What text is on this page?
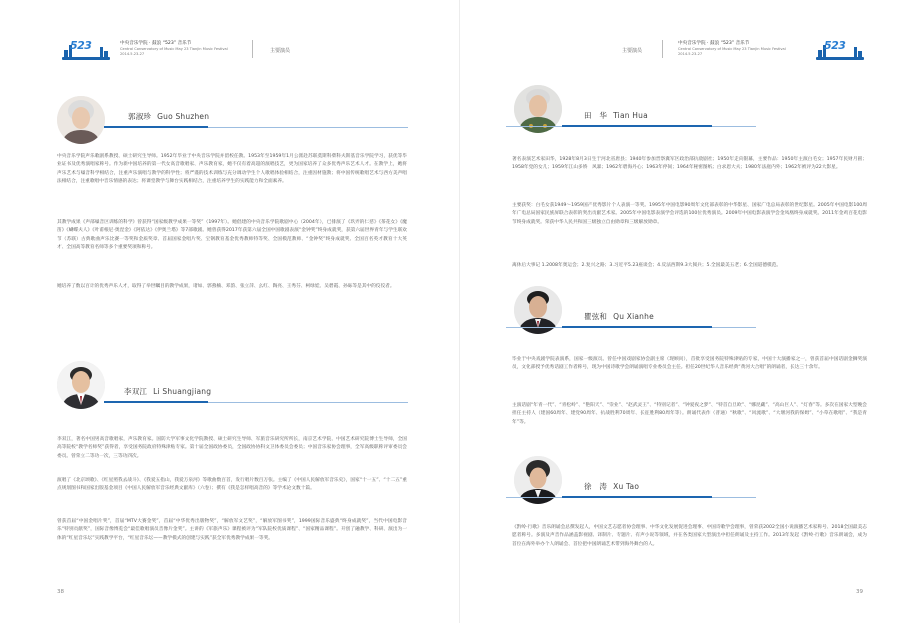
523	中央音乐学院 · 鼓浪 “523” 音乐节
Central Conservatory of Music May 23 Tianjin Music Festival
2014.5.23-27	主要演员
郭淑珍 Guo Shuzhen
中央音乐学院声乐歌剧系教授、硕士研究生导师。1952年毕业于中央音乐学院并留校任教。1953年至1959年1月公派赴苏联莫斯科柴科夫斯基音乐学院学习，获优等毕业证书及优秀演唱家称号。作为新中国培养的第一代女高音歌唱家、声乐教育家，她不仅有着高超的演唱技艺，更为国家培养了众多优秀声乐艺术人才。在教学上，她将声乐艺术与嗓音科学相结合，注重声乐演唱与教学的科学性；将严谨的技术训练与充分调动学生个人歌唱体验相结合，注重因材施教；将中国传统歌唱艺术与西方美声唱法相结合，注重歌唱中音乐情感的表达；将课堂教学与舞台实践相结合，注重培养学生的实践能力和全面素养。
其教学成果《声部嗓音区训练的科学》曾获得“国家级教学成果一等奖”（1997年）。她倡建的中央音乐学院歌剧中心（2004年），已排演了《玖弄的仁慈》《茶花女》《魔笛》《蝴蝶夫人》《叶甫根尼·奥涅金》《阿依达》《伊奥兰塔》等7部歌剧。她曾获得2017年获第六届全国中国歌剧表演“金钟奖”终身成就奖，获第六届世界青年与学生联欢节（苏联）古典歌曲声乐比赛一等奖和金质奖章、首届国家金唱片奖、宝钢教育基金优秀教师特等奖、全国模范教师、“金钟奖”终身成就奖、全国百名英才教育十大英才、全国高等教育名师等多个重要奖项和称号。
她培养了数以百计的优秀声乐人才，取得了举世瞩目的教学成果，诸如、郭燕楠、邓韵、张立萍、幺红、陶亮、王秀芬、柯绿娃、吴碧霞、孙砾等是其中的佼佼者。
李双江 Li Shuangjiang
李双江，著名中国男高音歌唱家，声乐教育家。国防大学军事文化学院教授、硕士研究生导师、军旅音乐研究所所长，南京艺术学院、中国艺术研究院博士生导师，全国高等院校“教学名师奖”获得者，享受国务院政府特殊津贴专家。第十届全国政协委员，全国政协协科文卫体委员会委员；中国音乐家协会理事，全军高级职称评审委员会委员。曾荣立二等功一次，三等功四次。
演唱了《北京颂歌》、《红星照我去战斗》、《我爱五指山，我爱万泉河》等歌曲数百首，发行唱片数百万张。主编了《中国人民解放军音乐史》，国家“十一五”、“十二五”重点规划图书和国家出版基金项目《中国人民解放军音乐经典文献库》（六卷）；撰有《我是怎样唱高音的》等学术论文数十篇。
曾获首届“中国金唱片奖”，首届“MTV大赛金奖”，首届“中华优秀出版物奖”，“解放军文艺奖”，“解放军图书奖”，1999国际音乐盛典“终身成就奖”，当代中国电影音乐“特别贡献奖”，国际音像博览会“最佳歌唱演员音像片金奖”。主讲的《军旅声乐》课程被评为“军队院校优质课程”、“国家精品课程”。开创了融教学、科研、演出为一体的“红星音乐坛”实践教学平台，“红星音乐坛——教学模式的创建与实践”获全军优秀教学成果一等奖。
38
主要演员
中央音乐学院 · 鼓浪 “523” 音乐节
Central Conservatory of Music May 23 Tianjin Music Festival
2014.5.23-27
523
田　华 Tian Hua
著名表演艺术家田华，1928年8月3日生于河北省唐县；1940年参加晋察冀军区政治部抗敌剧社；1950年走向银幕，主要作品：1950年主演白毛女；1957年民财月圆；1958年党的女儿；1959年江山多娇　风暴；1962年碧海丹心；1963年停间；1964年秘密图纸；白求恩大夫；1980年法庭内外；1962年被评为22大影星。
主要获奖：白毛女获1949～1959国产优秀影片个人表演一等奖。1995年中国电影90周年文化部表彰的中华影星、国家广电总局表彰的世纪影星。2005年中国电影100周年广电总局国家民族屏联合表彰的突出贡献艺术家。2005年中国电影表演学会评选的100位优秀演员。2009年中国电影表演学会金凤凰终身成就奖。2011年金鸡百花电影节终身成就奖。荣获中华人民共和国三级独立自由勋章和三级解放勋章。
离休后大事记 1.2008年奥运会；2.复兴之路；3.习近平5.23座谈会；4.反法西斯9.3大阅兵；5.全国最美五老；6.全国道德模范。
瞿弦和 Qu Xianhe
毕业于中央戏剧学院表演系，国家一级演员。曾任中国戏剧家协会副主席（现顾问），首批享受国务院特殊津贴的专家，中国十大演播家之一，曾获首届中国话剧金狮奖演员，文化部授予优秀话剧工作者称号，现为中国诗歌学会朗诵演唱专业委员会主任。担任20世纪华人音乐经典“黄河大合唱”的朗诵者，长达三十余年。
主演话剧“年青一代”、“青松岭”、“艳阳天”、“崇业”、“赵武灵王”、“特别记者”、“钟爱夜之梦”、“特首自旦欧”、“娜昆藏”、“高山巨人”、“灯春”等。多次在国家大型晚会担任主持人（建国60周年、建党90周年、抗战胜利70周年、长征胜利80周年等）。朗诵代表作（普通）“秋歌”、“风流歌”、“大堰河我的保姆”、“小草在歌唱”、“我是青年”等。
徐　涛 Xu Tao
《黔岭·行歌》音乐朗诵会总撰发起人，中国文艺志愿者协会理事、中华文化发展促进会理事、中国诗歌学会理事，曾荣获2002全国小说演播艺术家称号、2018全国最美志愿者称号。多演及声音作品涵盖影视剧、译制片、专题片、有声小说等领域，并在各类国家大型演出中担任朗诵及主持工作。2013年发起《黔岭·行歌》音乐朗诵会，成为首位在海外举办个人朗诵会、首位把中国朗诵艺术带到海外舞台的人。
39
